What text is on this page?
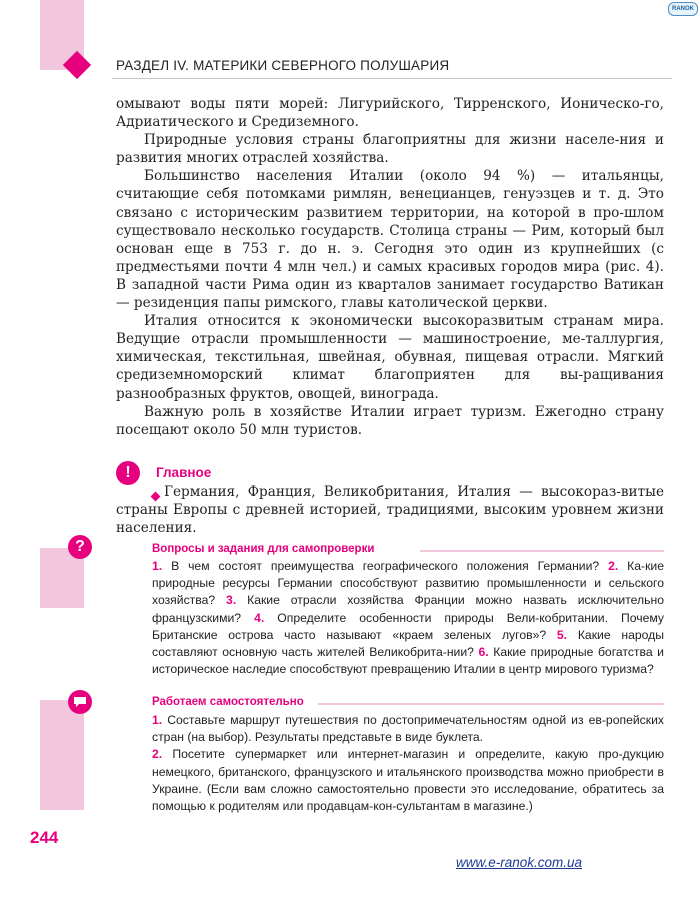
RANOK
РАЗДЕЛ IV. МАТЕРИКИ СЕВЕРНОГО ПОЛУШАРИЯ

омывают воды пяти морей: Лигурийского, Тирренского, Ионическо-го, Адриатического и Средиземного.

Природные условия страны благоприятны для жизни населе-ния и развития многих отраслей хозяйства.

Большинство населения Италии (около 94 %) — итальянцы, считающие себя потомками римлян, венецианцев, генуэзцев и т. д. Это связано с историческим развитием территории, на которой в про-шлом существовало несколько государств. Столица страны — Рим, который был основан еще в 753 г. до н. э. Сегодня это один из крупнейших (с предместьями почти 4 млн чел.) и самых красивых городов мира (рис. 4). В западной части Рима один из кварталов занимает государство Ватикан — резиденция папы римского, главы католической церкви.

Италия относится к экономически высокоразвитым странам мира. Ведущие отрасли промышленности — машиностроение, ме-таллургия, химическая, текстильная, швейная, обувная, пищевая отрасли. Мягкий средиземноморский климат благоприятен для вы-ращивания разнообразных фруктов, овощей, винограда.

Важную роль в хозяйстве Италии играет туризм. Ежегодно страну посещают около 50 млн туристов.

!	Главное

Германия, Франция, Великобритания, Италия — высокораз-витые страны Европы с древней историей, традициями, высоким уровнем жизни населения.

?	Вопросы и задания для самопроверки

1. В чем состоят преимущества географического положения Германии? 2. Ка-кие природные ресурсы Германии способствуют развитию промышленности и сельского хозяйства? 3. Какие отрасли хозяйства Франции можно назвать исключительно французскими? 4. Определите особенности природы Вели-кобритании. Почему Британские острова часто называют «краем зеленых лугов»? 5. Какие народы составляют основную часть жителей Великобрита-нии? 6. Какие природные богатства и историческое наследие способствуют превращению Италии в центр мирового туризма?

Работаем самостоятельно

1. Составьте маршрут путешествия по достопримечательностям одной из ев-ропейских стран (на выбор). Результаты представьте в виде буклета.

2. Посетите супермаркет или интернет-магазин и определите, какую про-дукцию немецкого, британского, французского и итальянского производства можно приобрести в Украине. (Если вам сложно самостоятельно провести это исследование, обратитесь за помощью к родителям или продавцам-кон-сультантам в магазине.)

244
www.e-ranok.com.ua
